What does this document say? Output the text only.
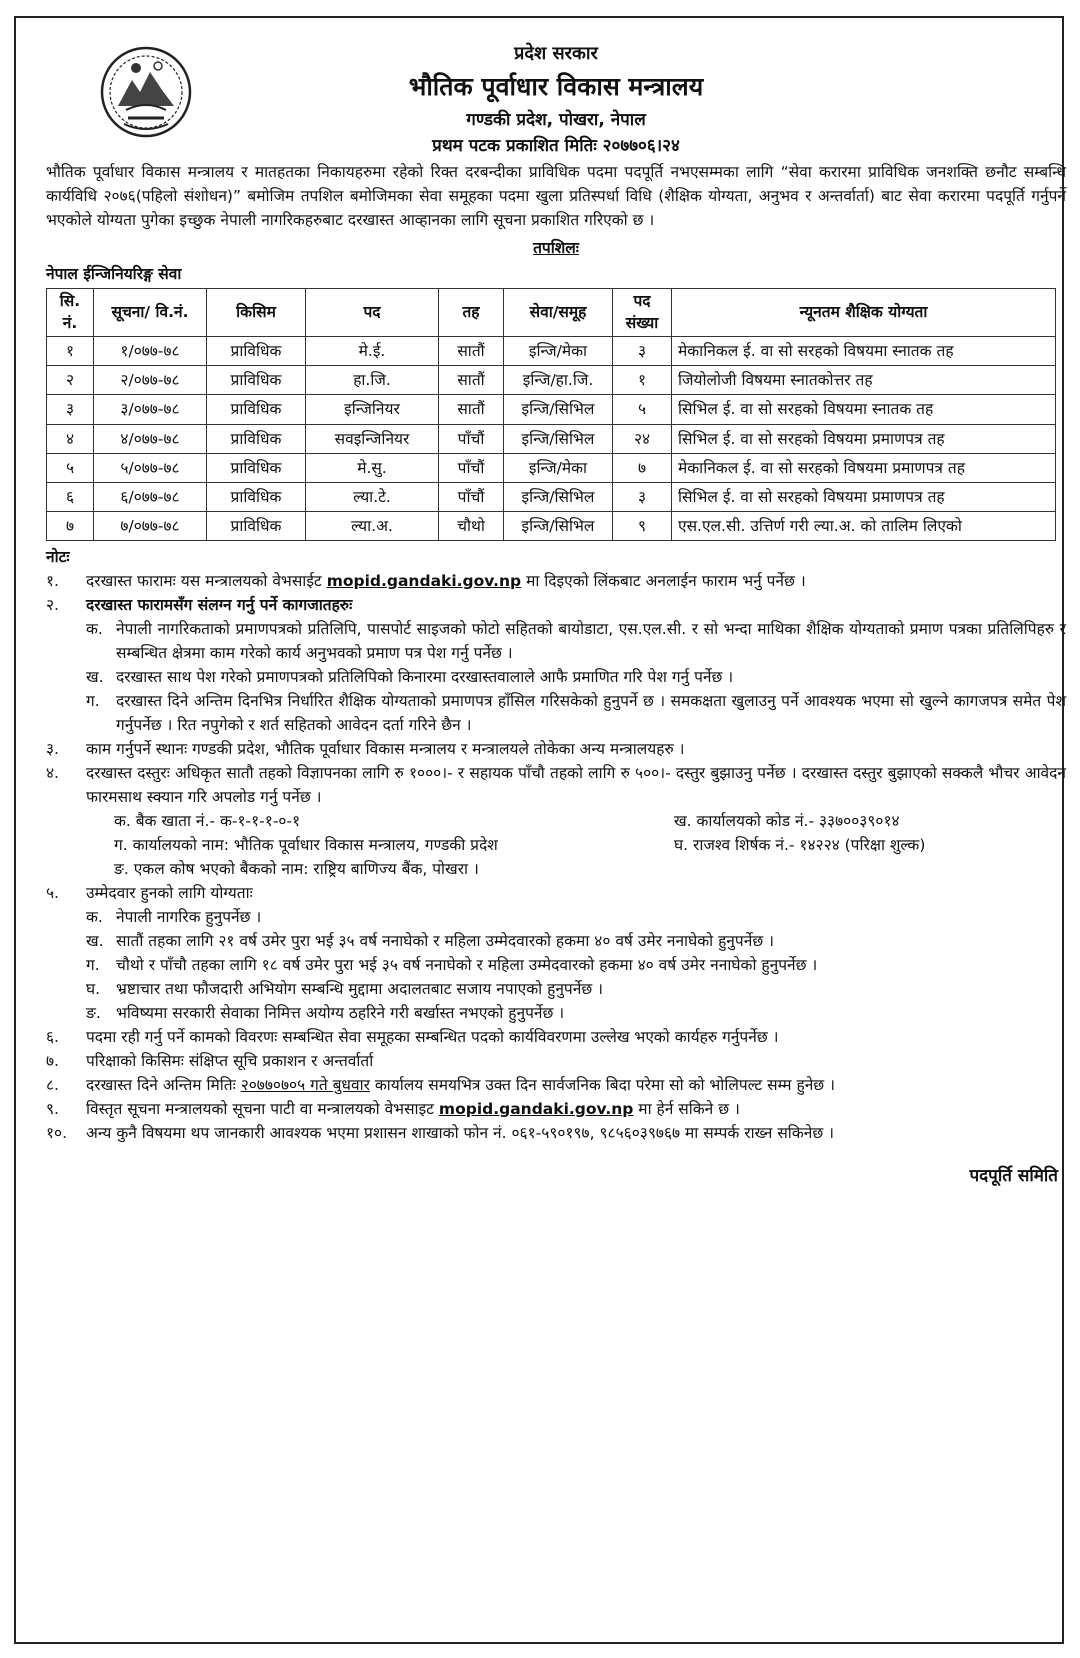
प्रदेश सरकार
भौतिक पूर्वाधार विकास मन्त्रालय
गण्डकी प्रदेश, पोखरा, नेपाल
प्रथम पटक प्रकाशित मितिः २०७७०६।२४
भौतिक पूर्वाधार विकास मन्त्रालय र मातहतका निकायहरुमा रहेको रिक्त दरबन्दीका प्राविधिक पदमा पदपूर्ति नभएसम्मका लागि “सेवा करारमा प्राविधिक जनशक्ति छनौट सम्बन्धि कार्यविधि २०७६(पहिलो संशोधन)” बमोजिम तपशिल बमोजिमका सेवा समूहका पदमा खुला प्रतिस्पर्धा विधि (शैक्षिक योग्यता, अनुभव र अन्तर्वार्ता) बाट सेवा करारमा पदपूर्ति गर्नुपर्ने भएकोले योग्यता पुगेका इच्छुक नेपाली नागरिकहरुबाट दरखास्त आव्हानका लागि सूचना प्रकाशित गरिएको छ ।
तपशिलः
नेपाल ईन्जिनियरिङ्ग सेवा
सि. नं.	सूचना/ वि.नं.	किसिम	पद	तह	सेवा/समूह	पद संख्या	न्यूनतम शैक्षिक योग्यता
१	१/०७७-७८	प्राविधिक	मे.ई.	सातौं	इन्जि/मेका	३	मेकानिकल ई. वा सो सरहको विषयमा स्नातक तह
२	२/०७७-७८	प्राविधिक	हा.जि.	सातौं	इन्जि/हा.जि.	१	जियोलोजी विषयमा स्नातकोत्तर तह
३	३/०७७-७८	प्राविधिक	इन्जिनियर	सातौं	इन्जि/सिभिल	५	सिभिल ई. वा सो सरहको विषयमा स्नातक तह
४	४/०७७-७८	प्राविधिक	सवइन्जिनियर	पाँचौं	इन्जि/सिभिल	२४	सिभिल ई. वा सो सरहको विषयमा प्रमाणपत्र तह
५	५/०७७-७८	प्राविधिक	मे.सु.	पाँचौं	इन्जि/मेका	७	मेकानिकल ई. वा सो सरहको विषयमा प्रमाणपत्र तह
६	६/०७७-७८	प्राविधिक	ल्या.टे.	पाँचौं	इन्जि/सिभिल	३	सिभिल ई. वा सो सरहको विषयमा प्रमाणपत्र तह
७	७/०७७-७८	प्राविधिक	ल्या.अ.	चौथो	इन्जि/सिभिल	९	एस.एल.सी. उत्तिर्ण गरी ल्या.अ. को तालिम लिएको
नोटः
१.	दरखास्त फारामः यस मन्त्रालयको वेभसाईट mopid.gandaki.gov.np मा दिइएको लिंकबाट अनलाईन फाराम भर्नु पर्नेछ ।
२.	दरखास्त फारामसँग संलग्न गर्नु पर्ने कागजातहरुः
क. नेपाली नागरिकताको प्रमाणपत्रको प्रतिलिपि, पासपोर्ट साइजको फोटो सहितको बायोडाटा, एस.एल.सी. र सो भन्दा माथिका शैक्षिक योग्यताको प्रमाण पत्रका प्रतिलिपिहरु र सम्बन्धित क्षेत्रमा काम गरेको कार्य अनुभवको प्रमाण पत्र पेश गर्नु पर्नेछ ।
ख. दरखास्त साथ पेश गरेको प्रमाणपत्रको प्रतिलिपिको किनारमा दरखास्तवालाले आफै प्रमाणित गरि पेश गर्नु पर्नेछ ।
ग.	दरखास्त दिने अन्तिम दिनभित्र निर्धारित शैक्षिक योग्यताको प्रमाणपत्र हाँसिल गरिसकेको हुनुपर्ने छ । समकक्षता खुलाउनु पर्ने आवश्यक भएमा सो खुल्ने कागजपत्र समेत पेश गर्नुपर्नेछ । रित नपुगेको र शर्त सहितको आवेदन दर्ता गरिने छैन ।
३.	काम गर्नुपर्ने स्थानः गण्डकी प्रदेश, भौतिक पूर्वाधार विकास मन्त्रालय र मन्त्रालयले तोकेका अन्य मन्त्रालयहरु ।
४.	दरखास्त दस्तुरः अधिकृत सातौ तहको विज्ञापनका लागि रु १०००।- र सहायक पाँचौ तहको लागि रु ५००।- दस्तुर बुझाउनु पर्नेछ । दरखास्त दस्तुर बुझाएको सक्कलै भौचर आवेदन फारमसाथ स्क्यान गरि अपलोड गर्नु पर्नेछ ।
क. बैक खाता नं.- क-१-१-१-०-१	ख. कार्यालयको कोड नं.- ३३७००३९०१४
ग. कार्यालयको नाम: भौतिक पूर्वाधार विकास मन्त्रालय, गण्डकी प्रदेश	घ. राजश्व शिर्षक नं.- १४२२४ (परिक्षा शुल्क)
ङ. एकल कोष भएको बैकको नाम: राष्ट्रिय बाणिज्य बैंक, पोखरा ।
५.	उम्मेदवार हुनको लागि योग्यताः
क. नेपाली नागरिक हुनुपर्नेछ ।
ख. सातौं तहका लागि २१ वर्ष उमेर पुरा भई ३५ वर्ष ननाघेको र महिला उम्मेदवारको हकमा ४० वर्ष उमेर ननाघेको हुनुपर्नेछ ।
ग.	चौथो र पाँचौ तहका लागि १८ वर्ष उमेर पुरा भई ३५ वर्ष ननाघेको र महिला उम्मेदवारको हकमा ४० वर्ष उमेर ननाघेको हुनुपर्नेछ ।
घ.	भ्रष्टाचार तथा फौजदारी अभियोग सम्बन्धि मुद्दामा अदालतबाट सजाय नपाएको हुनुपर्नेछ ।
ङ. भविष्यमा सरकारी सेवाका निमित्त अयोग्य ठहरिने गरी बर्खास्त नभएको हुनुपर्नेछ ।
६.	पदमा रही गर्नु पर्ने कामको विवरणः सम्बन्धित सेवा समूहका सम्बन्धित पदको कार्यविवरणमा उल्लेख भएको कार्यहरु गर्नुपर्नेछ ।
७.	परिक्षाको किसिमः संक्षिप्त सूचि प्रकाशन र अन्तर्वार्ता
८.	दरखास्त दिने अन्तिम मितिः २०७७०७०५ गते बुधवार कार्यालय समयभित्र उक्त दिन सार्वजनिक बिदा परेमा सो को भोलिपल्ट सम्म हुनेछ ।
९.	विस्तृत सूचना मन्त्रालयको सूचना पाटी वा मन्त्रालयको वेभसाइट mopid.gandaki.gov.np मा हेर्न सकिने छ ।
१०.	अन्य कुनै विषयमा थप जानकारी आवश्यक भएमा प्रशासन शाखाको फोन नं. ०६१-५९०१९७, ९८५६०३९७६७ मा सम्पर्क राख्न सकिनेछ ।
पदपूर्ति समिति
